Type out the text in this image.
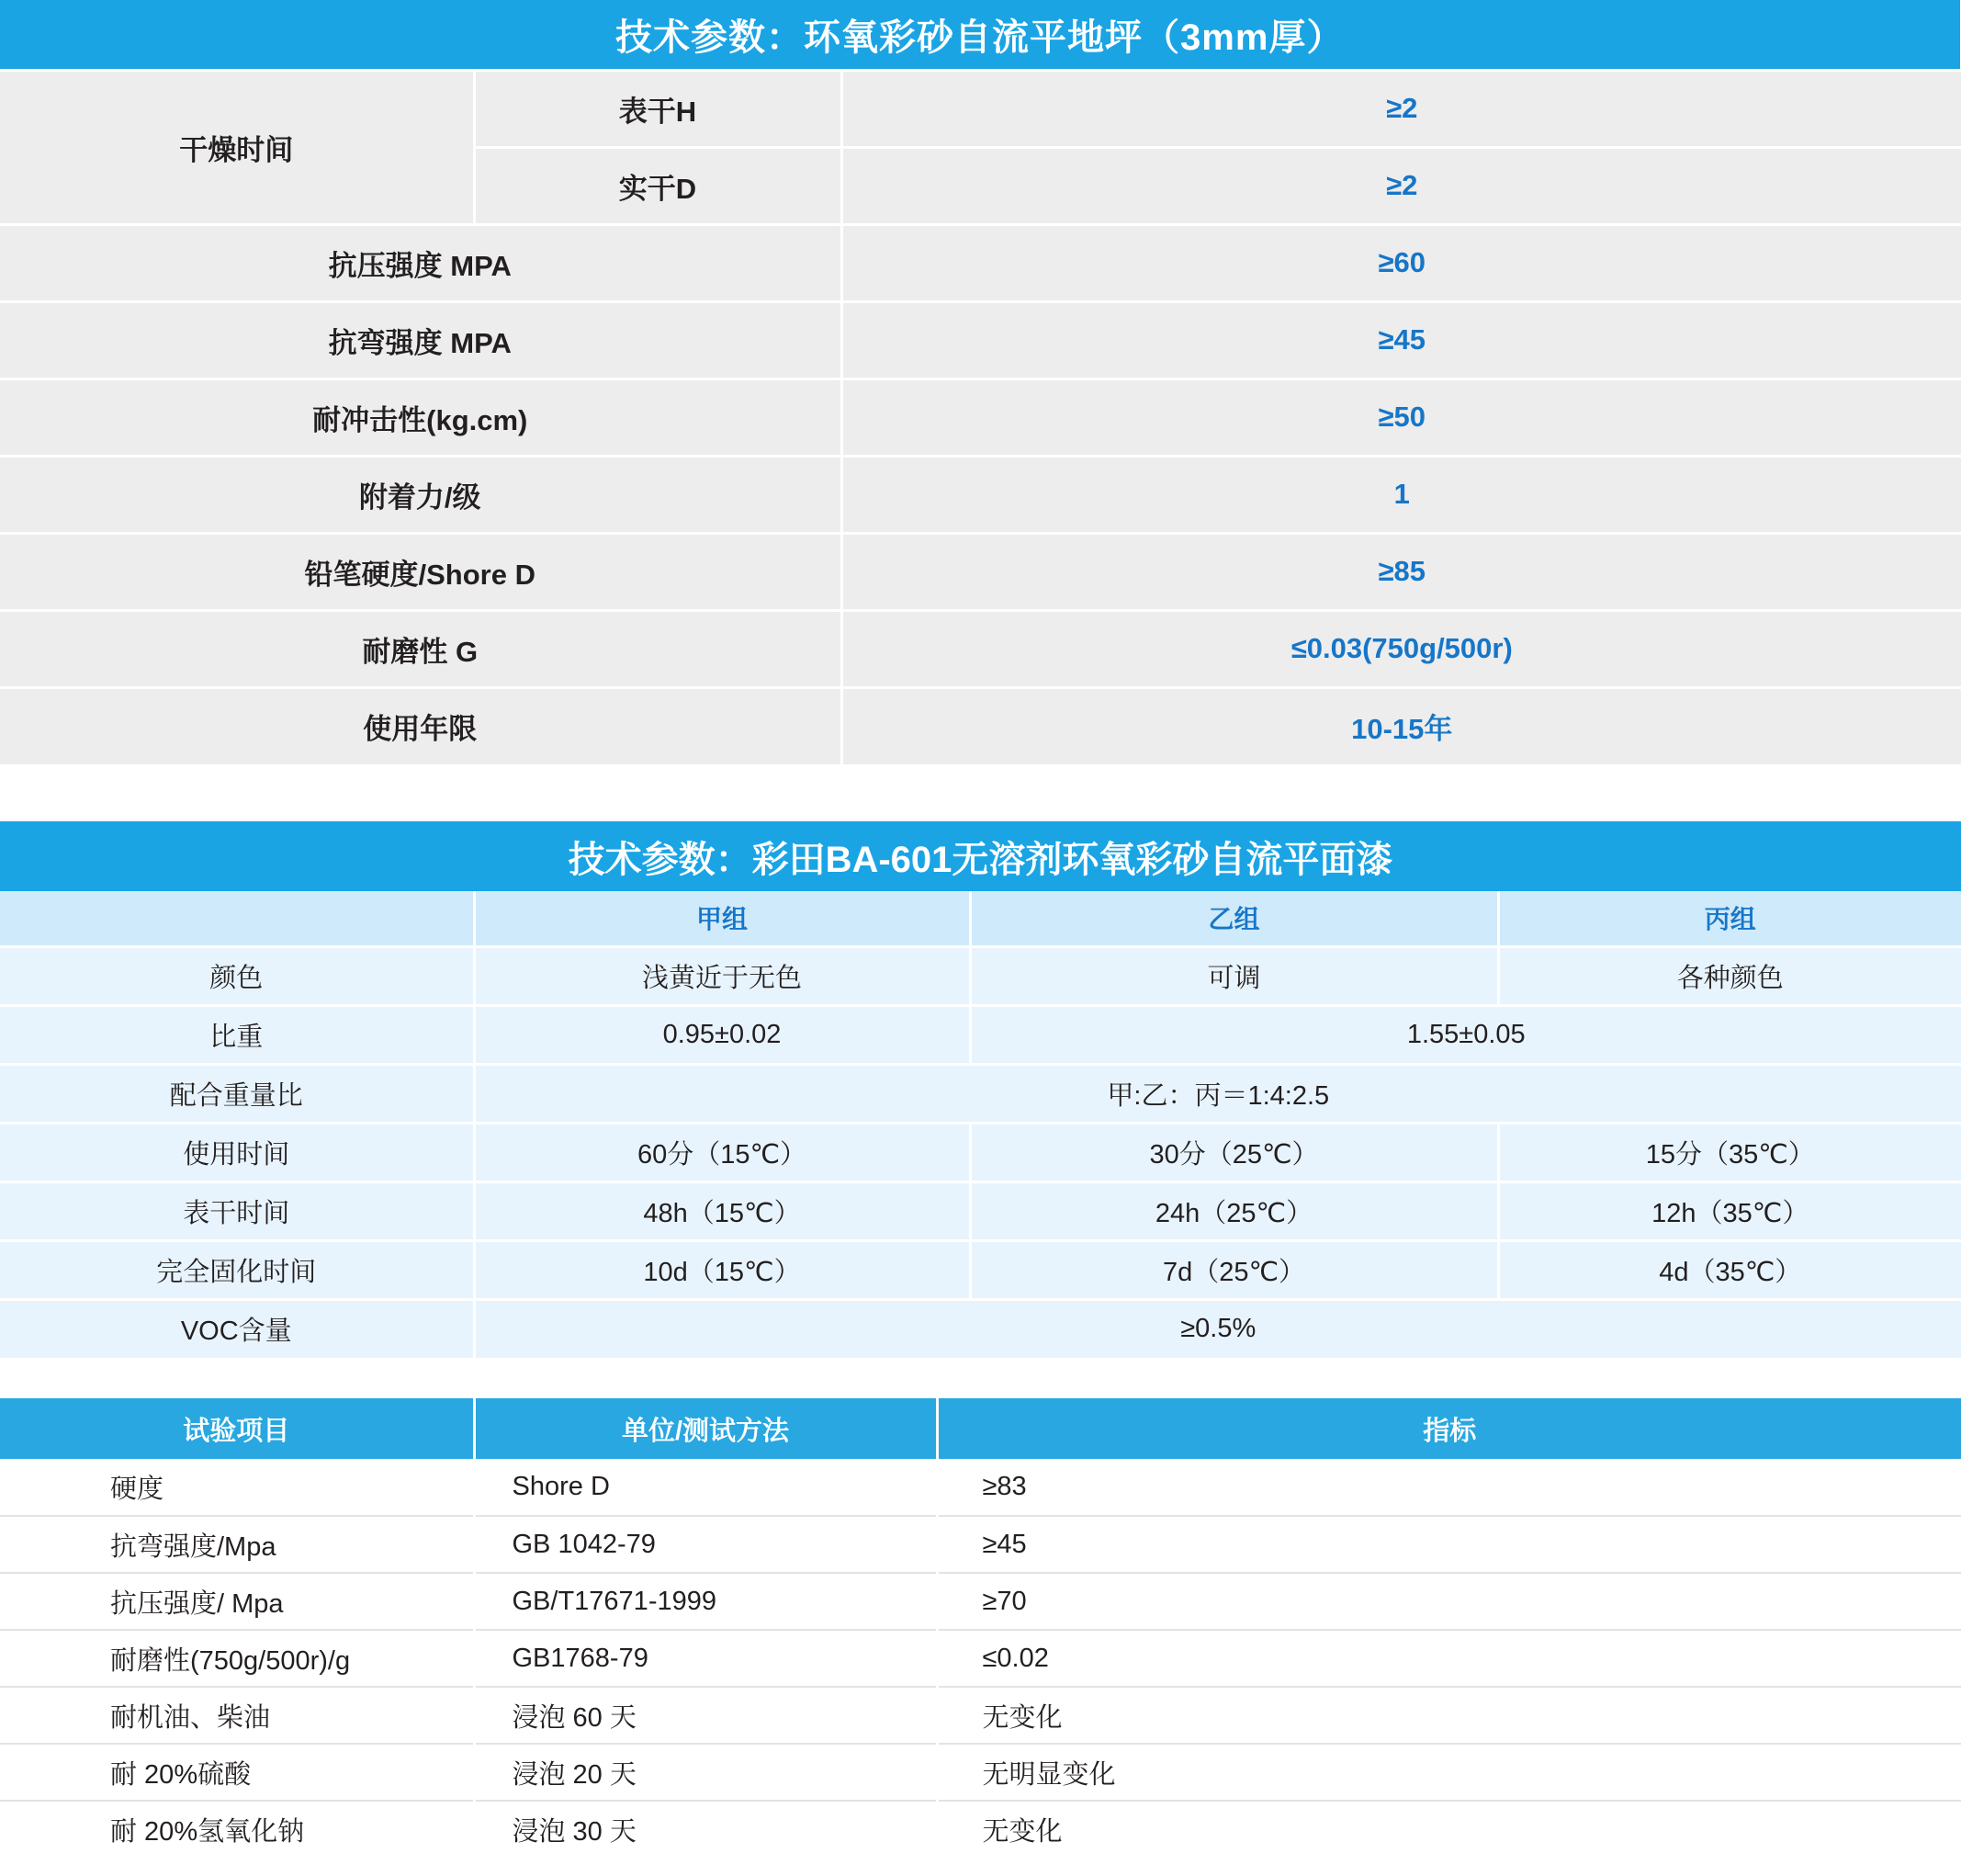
技术参数：环氧彩砂自流平地坪（3mm厚）		
干燥时间	表干H	≥2
	实干D	≥2
抗压强度 MPA		≥60
抗弯强度 MPA		≥45
耐冲击性(kg.cm)		≥50
附着力/级		1
铅笔硬度/Shore D		≥85
耐磨性 G		≤0.03(750g/500r)
使用年限		10-15年
技术参数：彩田BA-601无溶剂环氧彩砂自流平面漆			
	甲组	乙组	丙组
颜色	浅黄近于无色	可调	各种颜色
比重	0.95±0.02	1.55±0.05	
配合重量比	甲:乙：丙＝1:4:2.5		
使用时间	60分（15℃）	30分（25℃）	15分（35℃）
表干时间	48h（15℃）	24h（25℃）	12h（35℃）
完全固化时间	10d（15℃）	7d（25℃）	4d（35℃）
VOC含量	≥0.5%		
试验项目	单位/测试方法	指标
硬度	Shore D	≥83
抗弯强度/Mpa	GB 1042-79	≥45
抗压强度/ Mpa	GB/T17671-1999	≥70
耐磨性(750g/500r)/g	GB1768-79	≤0.02
耐机油、柴油	浸泡 60 天	无变化
耐 20%硫酸	浸泡 20 天	无明显变化
耐 20%氢氧化钠	浸泡 30 天	无变化
